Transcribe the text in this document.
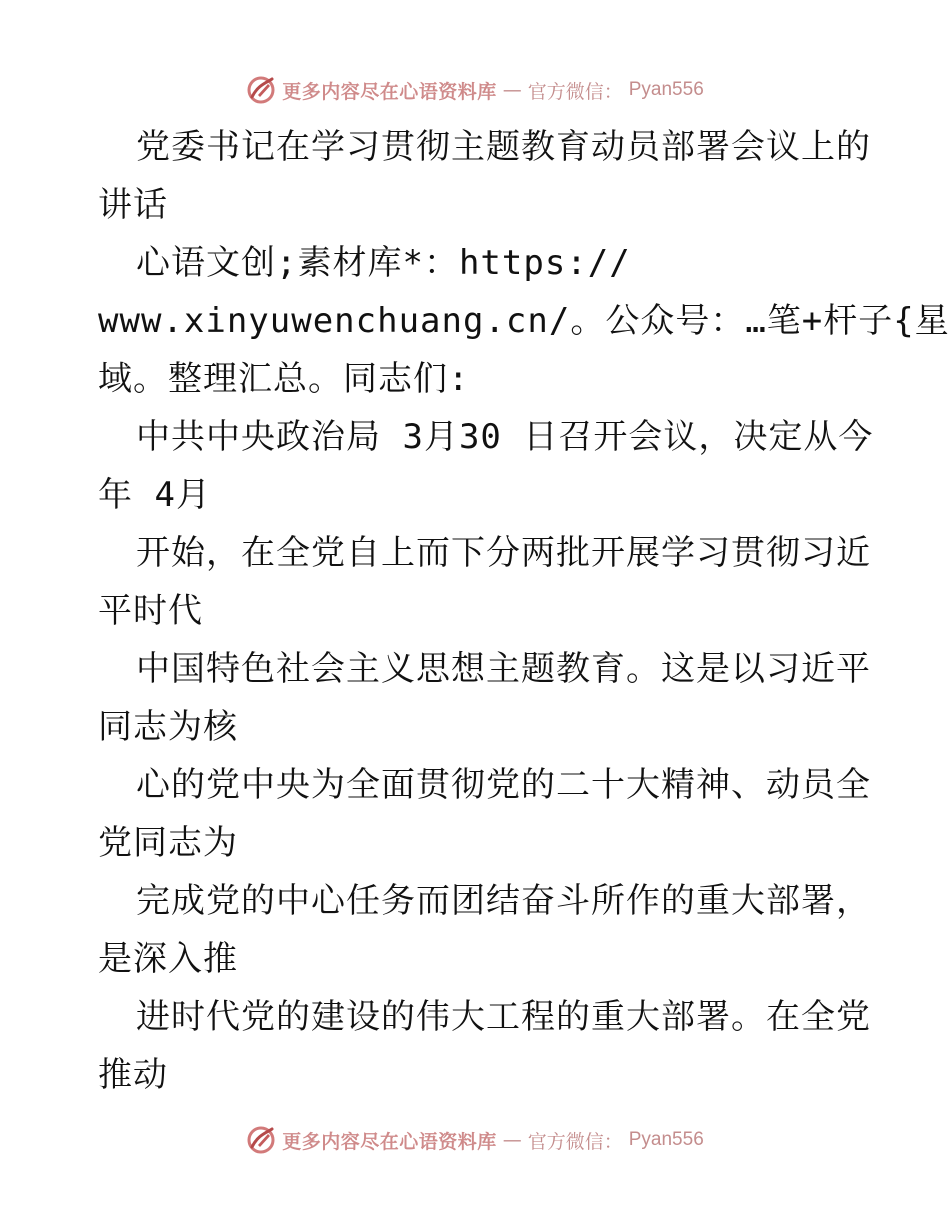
更多内容尽在心语资料库 — 官方微信： Pyan556
党委书记在学习贯彻主题教育动员部署会议上的
讲话
心语文创;素材库*：https://
www.xinyuwenchuang.cn/。公众号：…笔+杆子{星
域。整理汇总。同志们:
中共中央政治局 3月30 日召开会议，决定从今
年 4月
开始，在全党自上而下分两批开展学习贯彻习近
平时代
中国特色社会主义思想主题教育。这是以习近平
同志为核
心的党中央为全面贯彻党的二十大精神、动员全
党同志为
完成党的中心任务而团结奋斗所作的重大部署，
是深入推
进时代党的建设的伟大工程的重大部署。在全党
推动
更多内容尽在心语资料库 — 官方微信： Pyan556
